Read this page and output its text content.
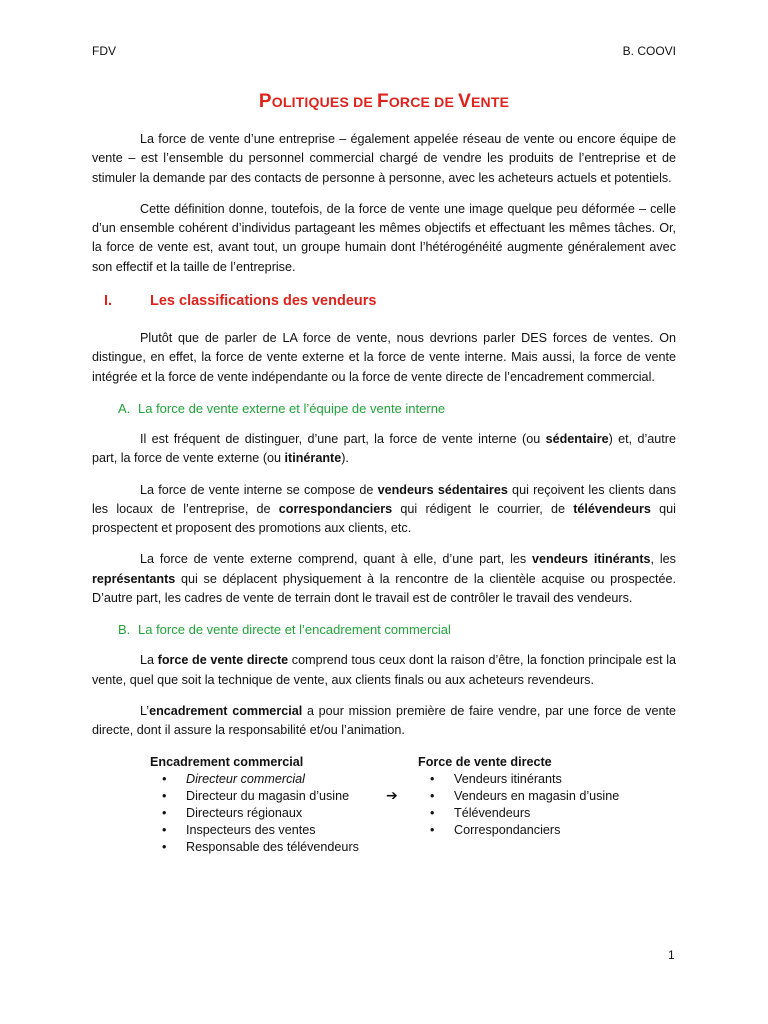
FDV	B. COOVI
POLITIQUES DE FORCE DE VENTE

La force de vente d’une entreprise – également appelée réseau de vente ou encore équipe de vente – est l’ensemble du personnel commercial chargé de vendre les produits de l’entreprise et de stimuler la demande par des contacts de personne à personne, avec les acheteurs actuels et potentiels.

Cette définition donne, toutefois, de la force de vente une image quelque peu déformée – celle d’un ensemble cohérent d’individus partageant les mêmes objectifs et effectuant les mêmes tâches. Or, la force de vente est, avant tout, un groupe humain dont l’hétérogénéité augmente généralement avec son effectif et la taille de l’entreprise.

I.	Les classifications des vendeurs

Plutôt que de parler de LA force de vente, nous devrions parler DES forces de ventes. On distingue, en effet, la force de vente externe et la force de vente interne. Mais aussi, la force de vente intégrée et la force de vente indépendante ou la force de vente directe de l’encadrement commercial.

A. La force de vente externe et l’équipe de vente interne

Il est fréquent de distinguer, d’une part, la force de vente interne (ou sédentaire) et, d’autre part, la force de vente externe (ou itinérante).

La force de vente interne se compose de vendeurs sédentaires qui reçoivent les clients dans les locaux de l’entreprise, de correspondanciers qui rédigent le courrier, de télévendeurs qui prospectent et proposent des promotions aux clients, etc.

La force de vente externe comprend, quant à elle, d’une part, les vendeurs itinérants, les représentants qui se déplacent physiquement à la rencontre de la clientèle acquise ou prospectée. D’autre part, les cadres de vente de terrain dont le travail est de contrôler le travail des vendeurs.

B. La force de vente directe et l’encadrement commercial

La force de vente directe comprend tous ceux dont la raison d’être, la fonction principale est la vente, quel que soit la technique de vente, aux clients finals ou aux acheteurs revendeurs.

L’encadrement commercial a pour mission première de faire vendre, par une force de vente directe, dont il assure la responsabilité et/ou l’animation.

Encadrement commercial
• Directeur commercial
• Directeur du magasin d’usine
• Directeurs régionaux
• Inspecteurs des ventes
• Responsable des télévendeurs
➔
Force de vente directe
• Vendeurs itinérants
• Vendeurs en magasin d’usine
• Télévendeurs
• Correspondanciers
1
